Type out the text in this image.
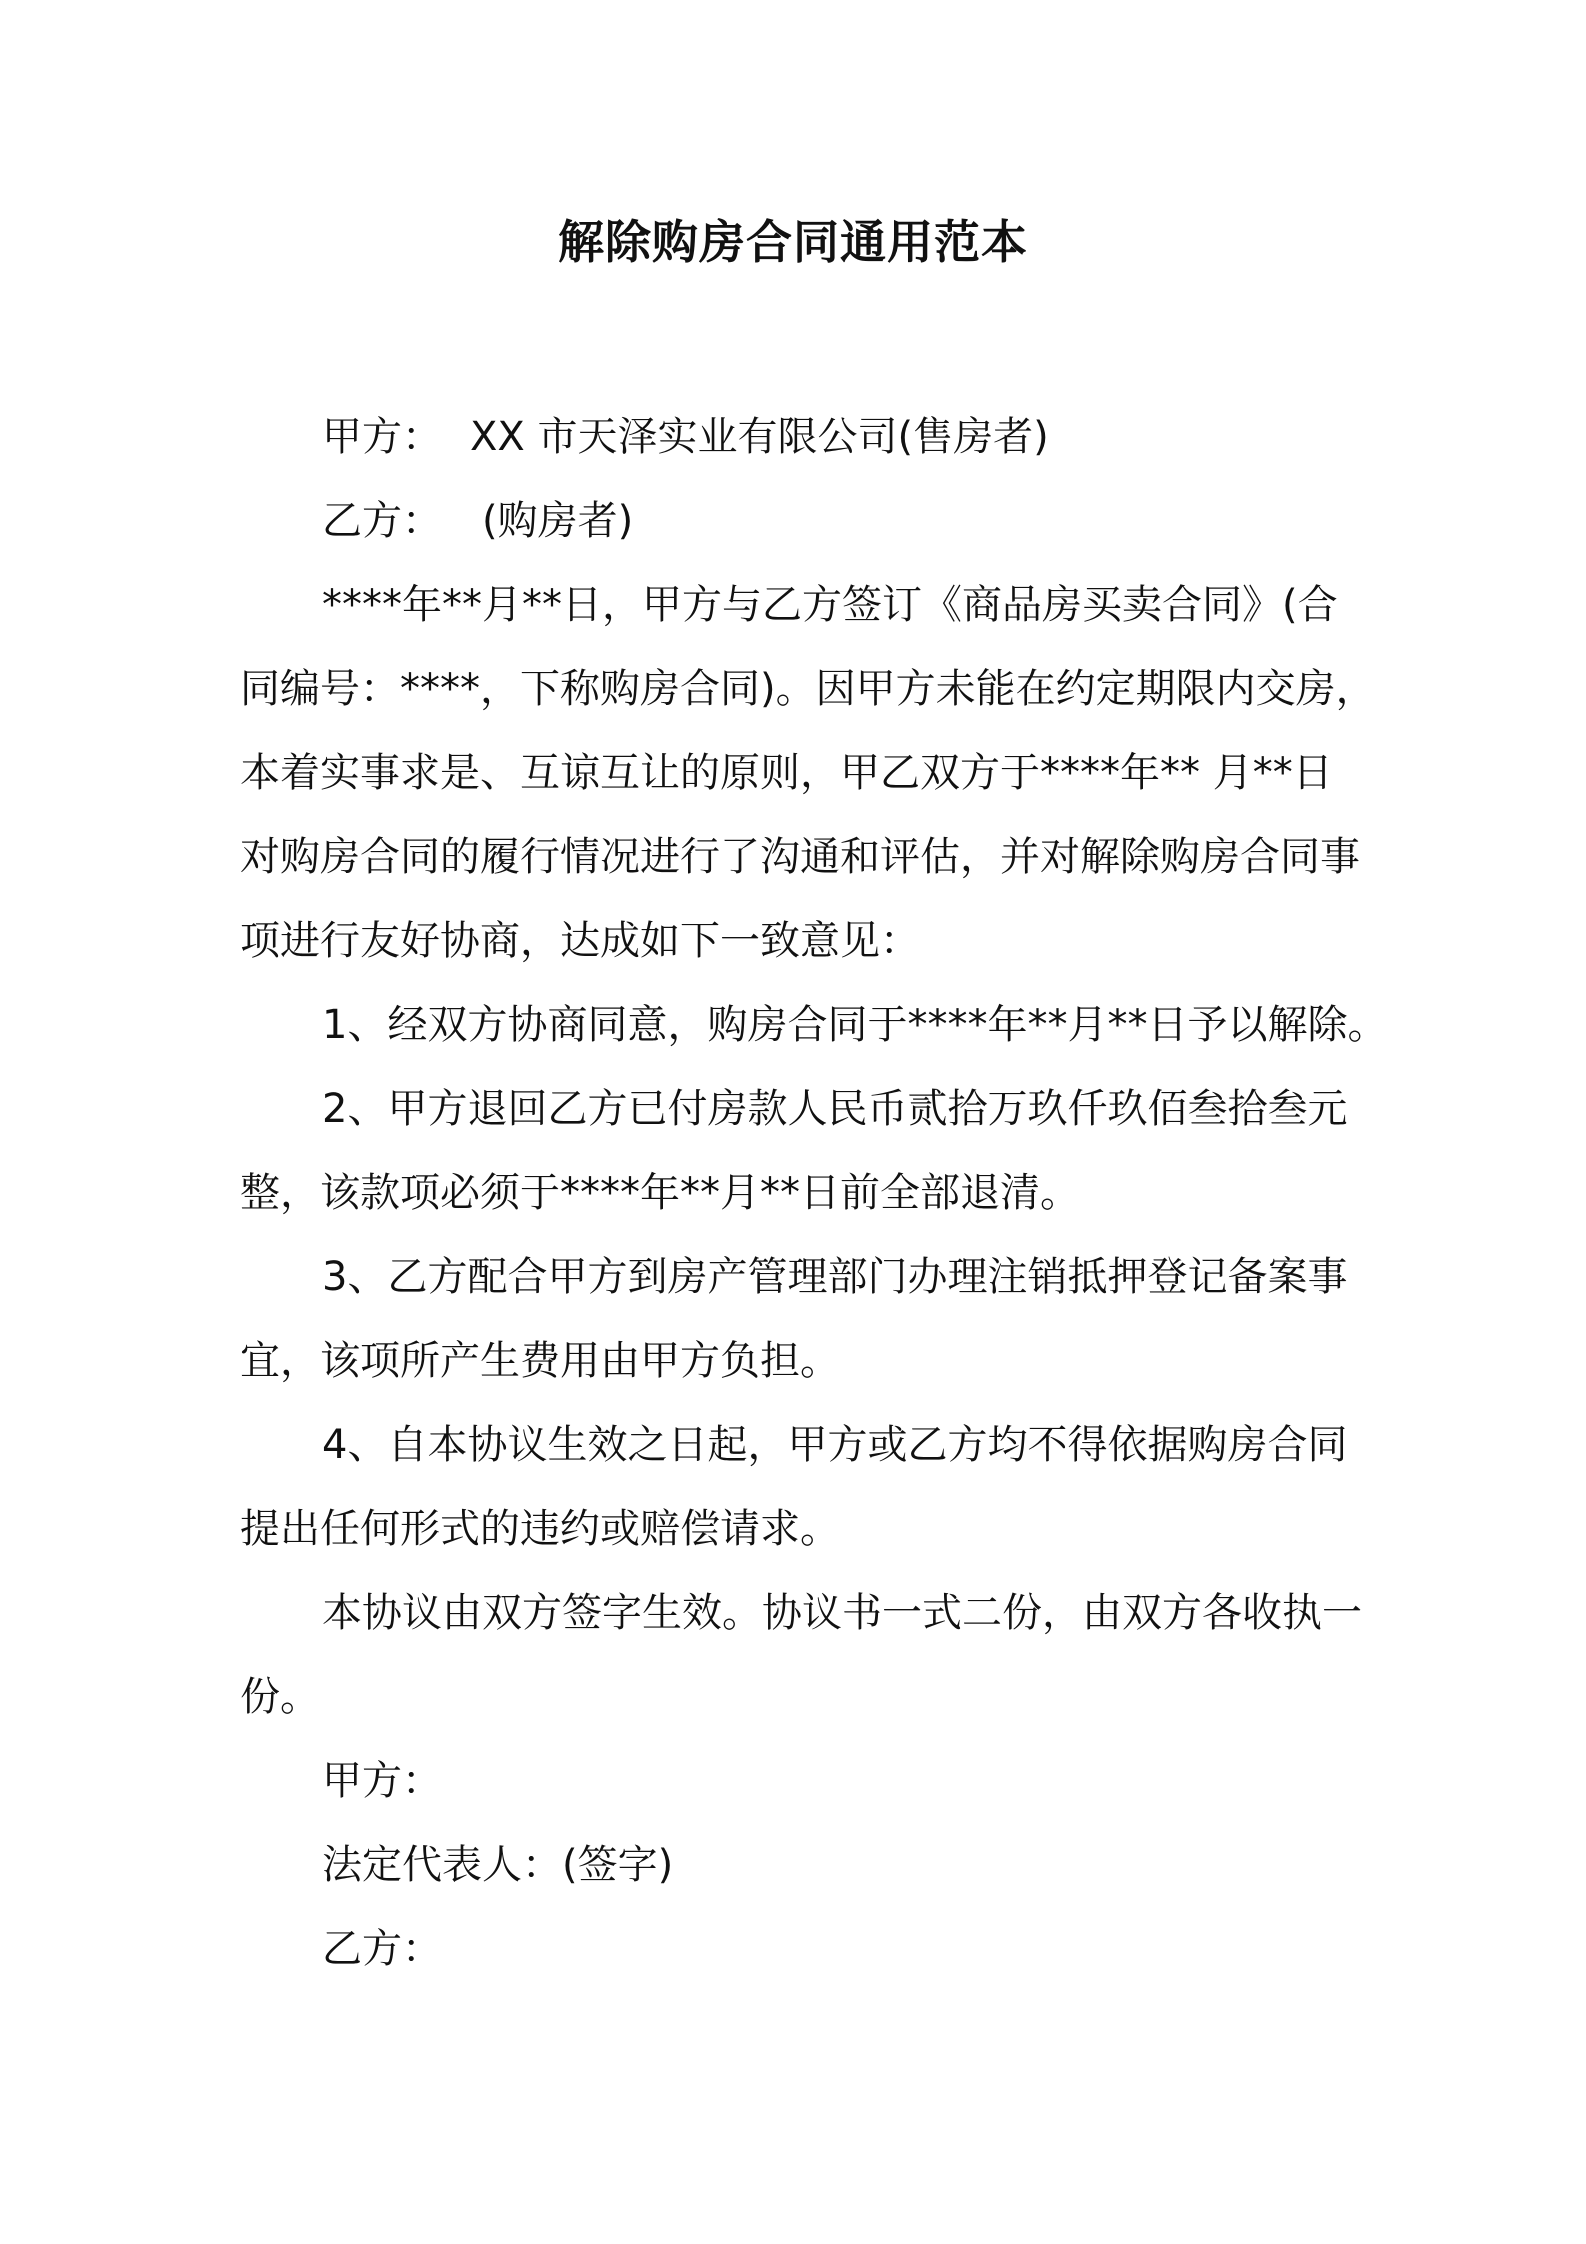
解除购房合同通用范本
甲方： XX 市天泽实业有限公司(售房者)
乙方： (购房者)
****年**月**日，甲方与乙方签订《商品房买卖合同》(合
同编号：****，下称购房合同)。因甲方未能在约定期限内交房，
本着实事求是、互谅互让的原则，甲乙双方于****年** 月**日
对购房合同的履行情况进行了沟通和评估，并对解除购房合同事
项进行友好协商，达成如下一致意见：
1、经双方协商同意，购房合同于****年**月**日予以解除。
2、甲方退回乙方已付房款人民币贰拾万玖仟玖佰叁拾叁元
整，该款项必须于****年**月**日前全部退清。
3、乙方配合甲方到房产管理部门办理注销抵押登记备案事
宜，该项所产生费用由甲方负担。
4、自本协议生效之日起，甲方或乙方均不得依据购房合同
提出任何形式的违约或赔偿请求。
本协议由双方签字生效。协议书一式二份，由双方各收执一
份。
甲方：
法定代表人：(签字)
乙方：
